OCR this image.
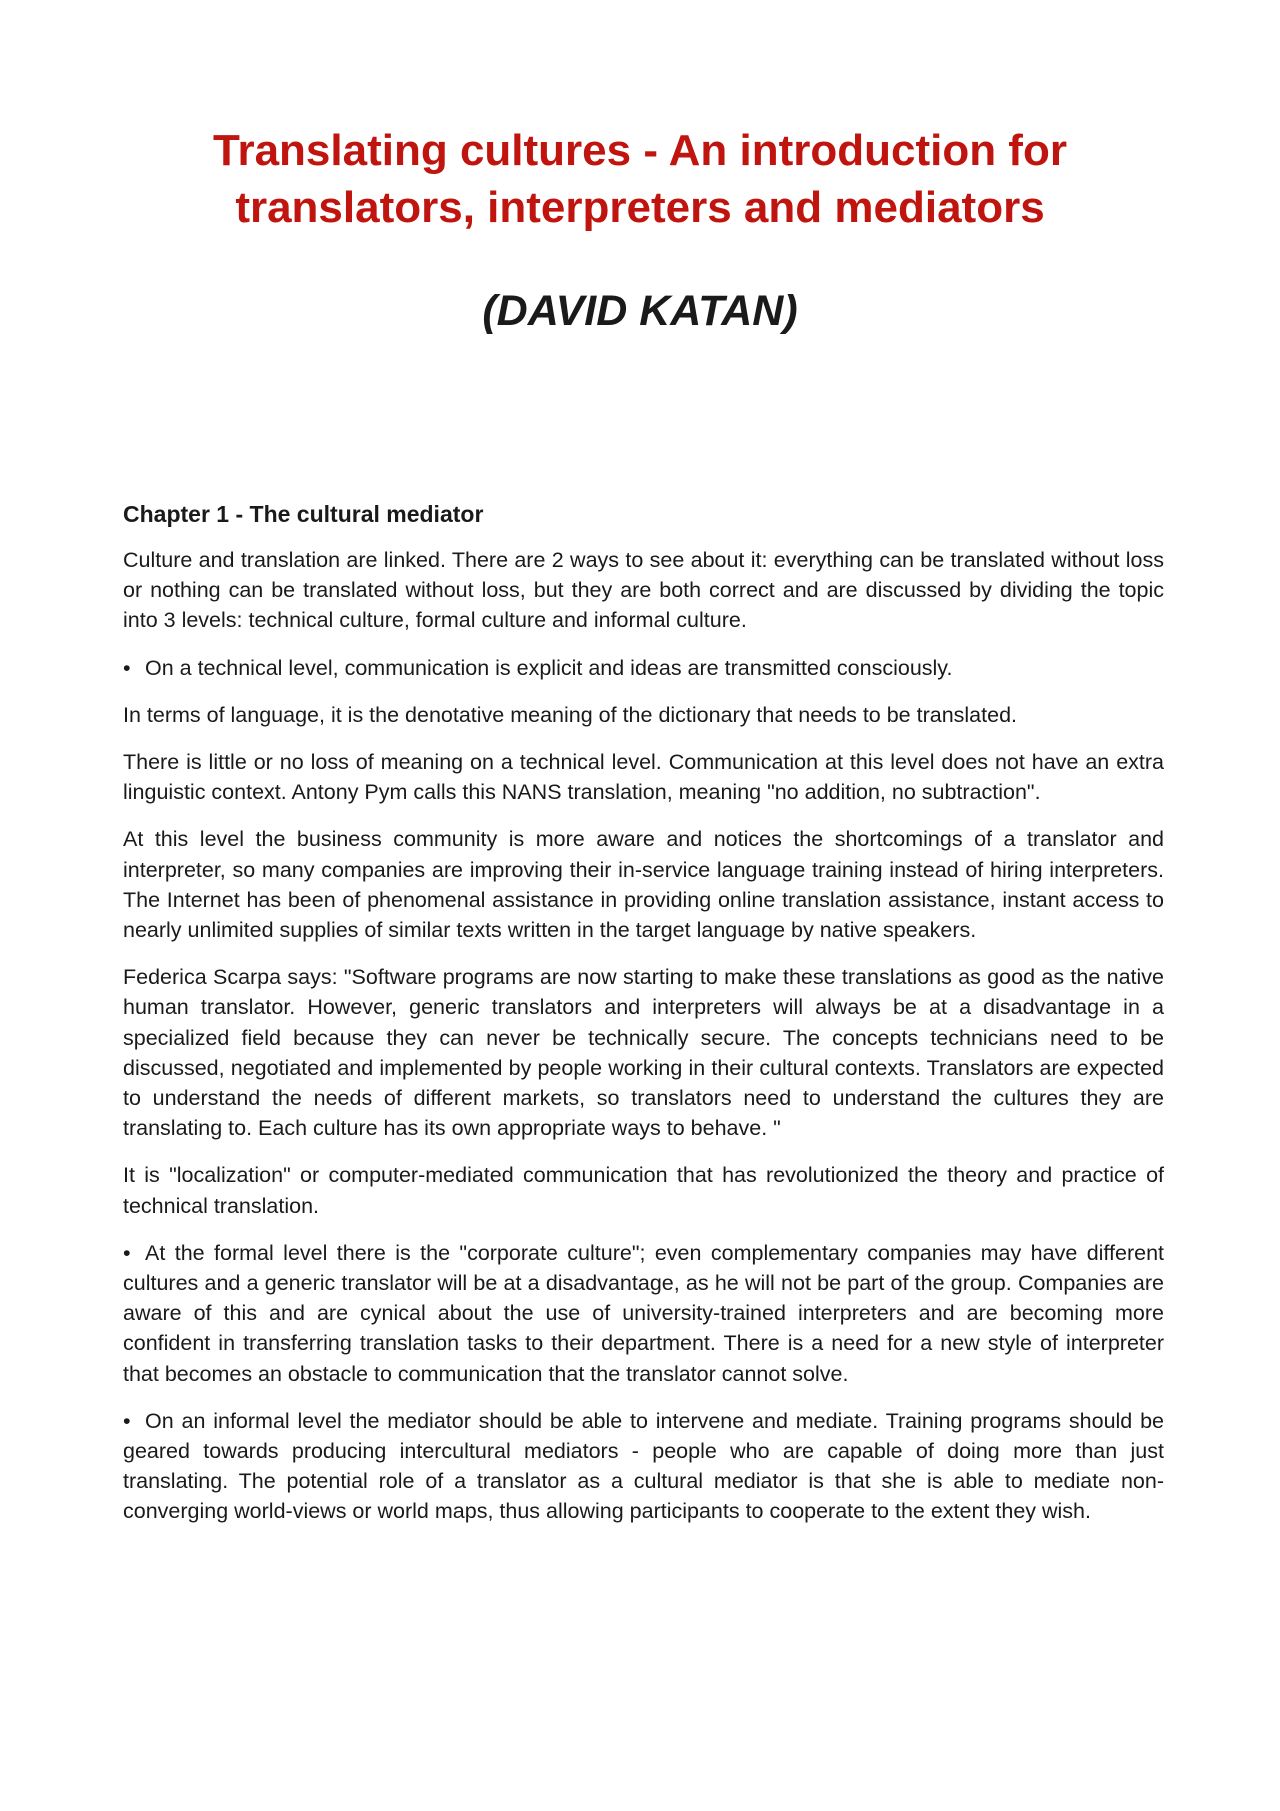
Translating cultures - An introduction for
translators, interpreters and mediators
(DAVID KATAN)
Chapter 1 - The cultural mediator

Culture and translation are linked. There are 2 ways to see about it: everything can be translated without loss or nothing can be translated without loss, but they are both correct and are discussed by dividing the topic into 3 levels: technical culture, formal culture and informal culture.

• On a technical level, communication is explicit and ideas are transmitted consciously.

In terms of language, it is the denotative meaning of the dictionary that needs to be translated.

There is little or no loss of meaning on a technical level. Communication at this level does not have an extra linguistic context. Antony Pym calls this NANS translation, meaning "no addition, no subtraction".

At this level the business community is more aware and notices the shortcomings of a translator and interpreter, so many companies are improving their in-service language training instead of hiring interpreters. The Internet has been of phenomenal assistance in providing online translation assistance, instant access to nearly unlimited supplies of similar texts written in the target language by native speakers.

Federica Scarpa says: "Software programs are now starting to make these translations as good as the native human translator. However, generic translators and interpreters will always be at a disadvantage in a specialized field because they can never be technically secure. The concepts technicians need to be discussed, negotiated and implemented by people working in their cultural contexts. Translators are expected to understand the needs of different markets, so translators need to understand the cultures they are translating to. Each culture has its own appropriate ways to behave. "

It is "localization" or computer-mediated communication that has revolutionized the theory and practice of technical translation.

• At the formal level there is the "corporate culture"; even complementary companies may have different cultures and a generic translator will be at a disadvantage, as he will not be part of the group. Companies are aware of this and are cynical about the use of university-trained interpreters and are becoming more confident in transferring translation tasks to their department. There is a need for a new style of interpreter that becomes an obstacle to communication that the translator cannot solve.

• On an informal level the mediator should be able to intervene and mediate. Training programs should be geared towards producing intercultural mediators - people who are capable of doing more than just translating. The potential role of a translator as a cultural mediator is that she is able to mediate non-converging world-views or world maps, thus allowing participants to cooperate to the extent they wish.
